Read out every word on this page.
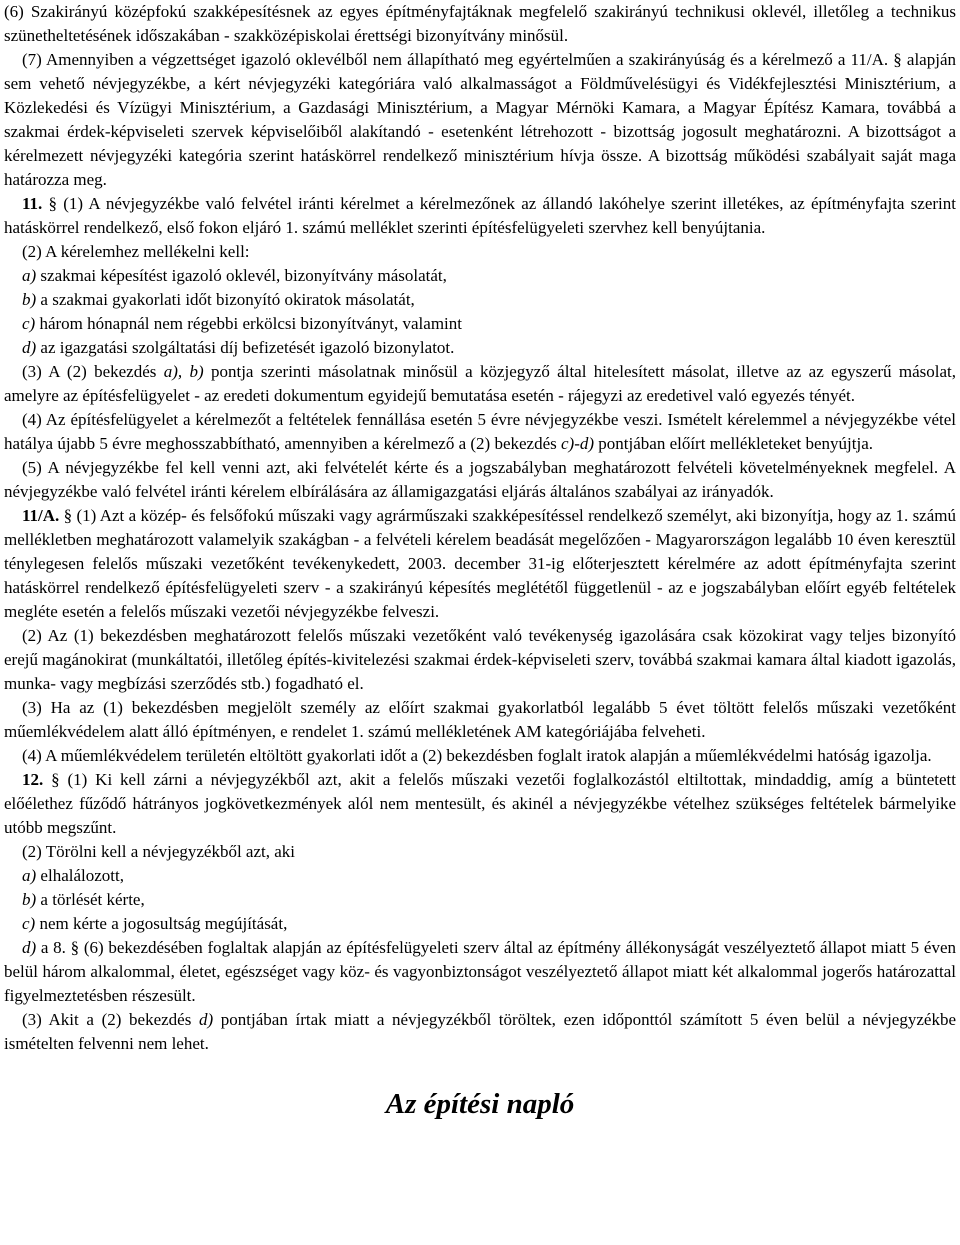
(6) Szakirányú középfokú szakképesítésnek az egyes építményfajtáknak megfelelő szakirányú technikusi oklevél, illetőleg a technikus szünetheltetésének időszakában - szakközépiskolai érettségi bizonyítvány minősül.

(7) Amennyiben a végzettséget igazoló oklevélből nem állapítható meg egyértelműen a szakirányúság és a kérelmező a 11/A. § alapján sem vehető névjegyzékbe, a kért névjegyzéki kategóriára való alkalmasságot a Földművelésügyi és Vidékfejlesztési Minisztérium, a Közlekedési és Vízügyi Minisztérium, a Gazdasági Minisztérium, a Magyar Mérnöki Kamara, a Magyar Építész Kamara, továbbá a szakmai érdek-képviseleti szervek képviselőiből alakítandó - esetenként létrehozott - bizottság jogosult meghatározni. A bizottságot a kérelmezett névjegyzéki kategória szerint hatáskörrel rendelkező minisztérium hívja össze. A bizottság működési szabályait saját maga határozza meg.

11. § (1) A névjegyzékbe való felvétel iránti kérelmet a kérelmezőnek az állandó lakóhelye szerint illetékes, az építményfajta szerint hatáskörrel rendelkező, első fokon eljáró 1. számú melléklet szerinti építésfelügyeleti szervhez kell benyújtania.

(2) A kérelemhez mellékelni kell:

a) szakmai képesítést igazoló oklevél, bizonyítvány másolatát,

b) a szakmai gyakorlati időt bizonyító okiratok másolatát,

c) három hónapnál nem régebbi erkölcsi bizonyítványt, valamint

d) az igazgatási szolgáltatási díj befizetését igazoló bizonylatot.

(3) A (2) bekezdés a), b) pontja szerinti másolatnak minősül a közjegyző által hitelesített másolat, illetve az az egyszerű másolat, amelyre az építésfelügyelet - az eredeti dokumentum egyidejű bemutatása esetén - rájegyzi az eredetivel való egyezés tényét.

(4) Az építésfelügyelet a kérelmezőt a feltételek fennállása esetén 5 évre névjegyzékbe veszi. Ismételt kérelemmel a névjegyzékbe vétel hatálya újabb 5 évre meghosszabbítható, amennyiben a kérelmező a (2) bekezdés c)-d) pontjában előírt mellékleteket benyújtja.

(5) A névjegyzékbe fel kell venni azt, aki felvételét kérte és a jogszabályban meghatározott felvételi követelményeknek megfelel. A névjegyzékbe való felvétel iránti kérelem elbírálására az államigazgatási eljárás általános szabályai az irányadók.

11/A. § (1) Azt a közép- és felsőfokú műszaki vagy agrárműszaki szakképesítéssel rendelkező személyt, aki bizonyítja, hogy az 1. számú mellékletben meghatározott valamelyik szakágban - a felvételi kérelem beadását megelőzően - Magyarországon legalább 10 éven keresztül ténylegesen felelős műszaki vezetőként tevékenykedett, 2003. december 31-ig előterjesztett kérelmére az adott építményfajta szerint hatáskörrel rendelkező építésfelügyeleti szerv - a szakirányú képesítés meglététől függetlenül - az e jogszabályban előírt egyéb feltételek megléte esetén a felelős műszaki vezetői névjegyzékbe felveszi.

(2) Az (1) bekezdésben meghatározott felelős műszaki vezetőként való tevékenység igazolására csak közokirat vagy teljes bizonyító erejű magánokirat (munkáltatói, illetőleg építés-kivitelezési szakmai érdek-képviseleti szerv, továbbá szakmai kamara által kiadott igazolás, munka- vagy megbízási szerződés stb.) fogadható el.

(3) Ha az (1) bekezdésben megjelölt személy az előírt szakmai gyakorlatból legalább 5 évet töltött felelős műszaki vezetőként műemlékvédelem alatt álló építményen, e rendelet 1. számú mellékletének AM kategóriájába felveheti.

(4) A műemlékvédelem területén eltöltött gyakorlati időt a (2) bekezdésben foglalt iratok alapján a műemlékvédelmi hatóság igazolja.

12. § (1) Ki kell zárni a névjegyzékből azt, akit a felelős műszaki vezetői foglalkozástól eltiltottak, mindaddig, amíg a büntetett előélethez fűződő hátrányos jogkövetkezmények alól nem mentesült, és akinél a névjegyzékbe vételhez szükséges feltételek bármelyike utóbb megszűnt.

(2) Törölni kell a névjegyzékből azt, aki

a) elhalálozott,

b) a törlését kérte,

c) nem kérte a jogosultság megújítását,

d) a 8. § (6) bekezdésében foglaltak alapján az építésfelügyeleti szerv által az építmény állékonyságát veszélyeztető állapot miatt 5 éven belül három alkalommal, életet, egészséget vagy köz- és vagyonbiztonságot veszélyeztető állapot miatt két alkalommal jogerős határozattal figyelmeztetésben részesült.

(3) Akit a (2) bekezdés d) pontjában írtak miatt a névjegyzékből töröltek, ezen időponttól számított 5 éven belül a névjegyzékbe ismételten felvenni nem lehet.

Az építési napló
